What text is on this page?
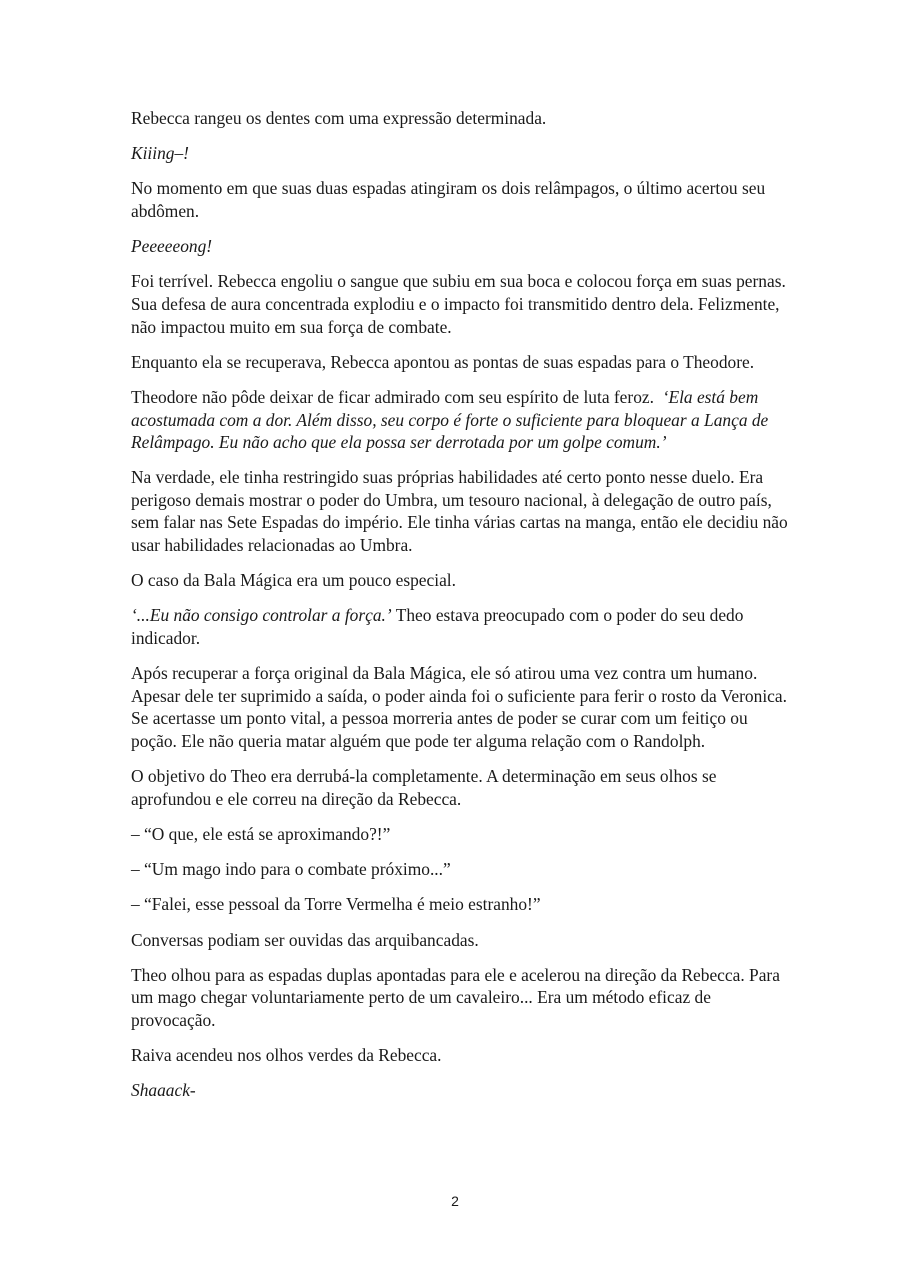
Rebecca rangeu os dentes com uma expressão determinada.

Kiiing–!

No momento em que suas duas espadas atingiram os dois relâmpagos, o último acertou seu abdômen.

Peeeeeong!

Foi terrível. Rebecca engoliu o sangue que subiu em sua boca e colocou força em suas pernas. Sua defesa de aura concentrada explodiu e o impacto foi transmitido dentro dela. Felizmente, não impactou muito em sua força de combate.

Enquanto ela se recuperava, Rebecca apontou as pontas de suas espadas para o Theodore.

Theodore não pôde deixar de ficar admirado com seu espírito de luta feroz. ‘Ela está bem acostumada com a dor. Além disso, seu corpo é forte o suficiente para bloquear a Lança de Relâmpago. Eu não acho que ela possa ser derrotada por um golpe comum.’

Na verdade, ele tinha restringido suas próprias habilidades até certo ponto nesse duelo. Era perigoso demais mostrar o poder do Umbra, um tesouro nacional, à delegação de outro país, sem falar nas Sete Espadas do império. Ele tinha várias cartas na manga, então ele decidiu não usar habilidades relacionadas ao Umbra.

O caso da Bala Mágica era um pouco especial.

‘...Eu não consigo controlar a força.’ Theo estava preocupado com o poder do seu dedo indicador.

Após recuperar a força original da Bala Mágica, ele só atirou uma vez contra um humano. Apesar dele ter suprimido a saída, o poder ainda foi o suficiente para ferir o rosto da Veronica. Se acertasse um ponto vital, a pessoa morreria antes de poder se curar com um feitiço ou poção. Ele não queria matar alguém que pode ter alguma relação com o Randolph.

O objetivo do Theo era derrubá-la completamente. A determinação em seus olhos se aprofundou e ele correu na direção da Rebecca.

– “O que, ele está se aproximando?!”

– “Um mago indo para o combate próximo...”

– “Falei, esse pessoal da Torre Vermelha é meio estranho!”

Conversas podiam ser ouvidas das arquibancadas.

Theo olhou para as espadas duplas apontadas para ele e acelerou na direção da Rebecca. Para um mago chegar voluntariamente perto de um cavaleiro... Era um método eficaz de provocação.

Raiva acendeu nos olhos verdes da Rebecca.

Shaaack-

2
